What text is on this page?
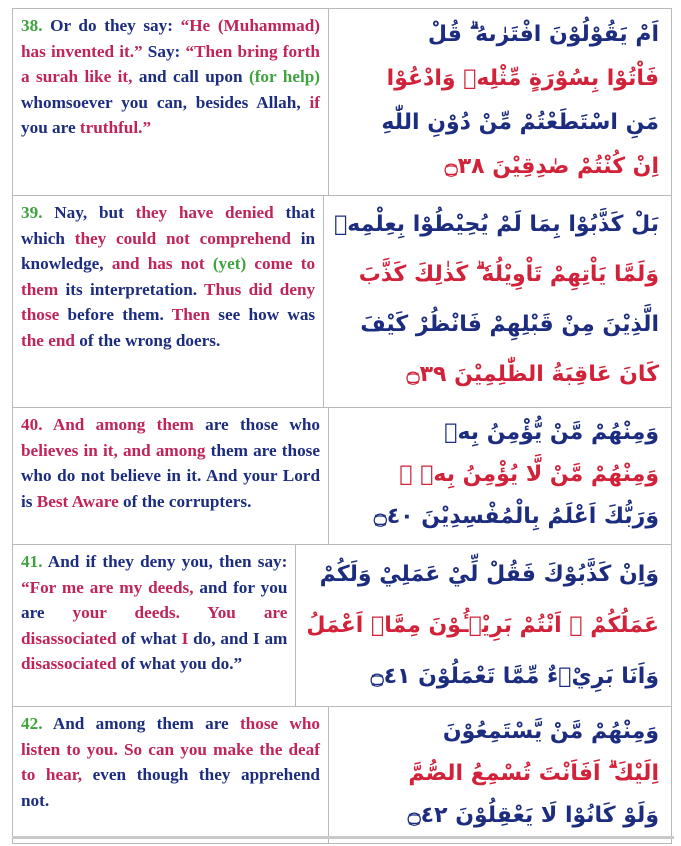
38. Or do they say: “He (Muhammad) has invented it.” Say: “Then bring forth a surah like it, and call upon (for help) whomsoever you can, besides Allah, if you are truthful.”
اَمْ يَقُوْلُوْنَ افْتَرٰىهُ ۗ قُلْ
فَاْتُوْا بِسُوْرَةٍ مِّثْلِهٖ وَادْعُوْا
مَنِ اسْتَطَعْتُمْ مِّنْ دُوْنِ اللّٰهِ
اِنْ كُنْتُمْ صٰدِقِيْنَ ۝٣٨
39. Nay, but they have denied that which they could not comprehend in knowledge, and has not (yet) come to them its interpretation. Thus did deny those before them. Then see how was the end of the wrong doers.
بَلْ كَذَّبُوْا بِمَا لَمْ يُحِيْطُوْا بِعِلْمِهٖ
وَلَمَّا يَاْتِهِمْ تَاْوِيْلُهٗ ۗ كَذٰلِكَ كَذَّبَ
الَّذِيْنَ مِنْ قَبْلِهِمْ فَانْظُرْ كَيْفَ
كَانَ عَاقِبَةُ الظّٰلِمِيْنَ ۝٣٩
40. And among them are those who believes in it, and among them are those who do not believe in it. And your Lord is Best Aware of the corrupters.
وَمِنْهُمْ مَّنْ يُّؤْمِنُ بِهٖ
وَمِنْهُمْ مَّنْ لَّا يُؤْمِنُ بِهٖ ۗ
وَرَبُّكَ اَعْلَمُ بِالْمُفْسِدِيْنَ ۝٤٠
41. And if they deny you, then say: “For me are my deeds, and for you are your deeds. You are disassociated of what I do, and I am disassociated of what you do.”
وَاِنْ كَذَّبُوْكَ فَقُلْ لِّيْ عَمَلِيْ وَلَكُمْ
عَمَلُكُمْ ۚ اَنْتُمْ بَرِيْۤـُٔوْنَ مِمَّاۤ اَعْمَلُ
وَاَنَا بَرِيْۤءٌ مِّمَّا تَعْمَلُوْنَ ۝٤١
42. And among them are those who listen to you. So can you make the deaf to hear, even though they apprehend not.
وَمِنْهُمْ مَّنْ يَّسْتَمِعُوْنَ
اِلَيْكَ ۗ اَفَاَنْتَ تُسْمِعُ الصُّمَّ
وَلَوْ كَانُوْا لَا يَعْقِلُوْنَ ۝٤٢
